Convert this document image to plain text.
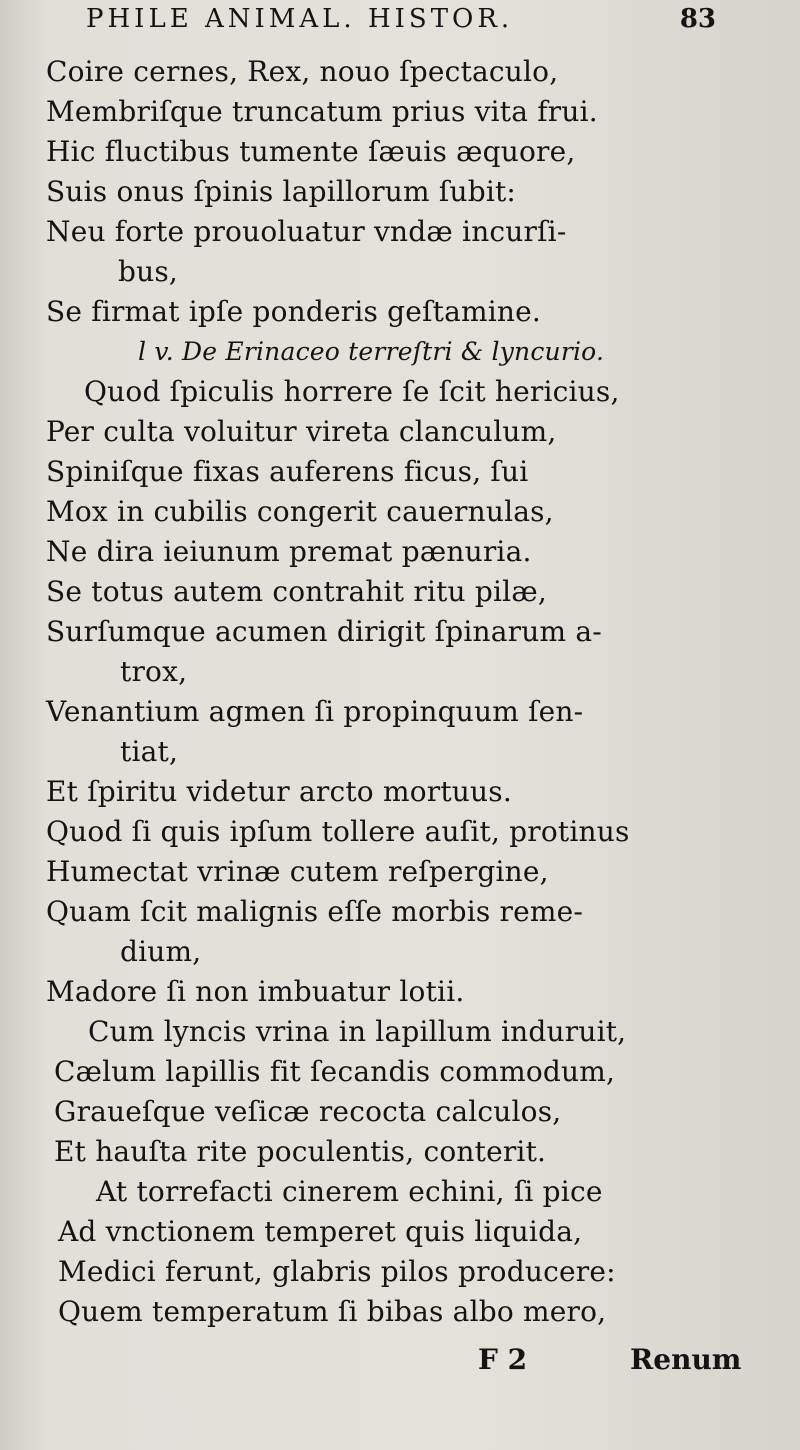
PHILE ANIMAL. HISTOR.	83
Coire cernes, Rex, nouo ſpectaculo,
Membriſque truncatum prius vita frui.
Hic fluctibus tumente ſæuis æquore,
Suis onus ſpinis lapillorum ſubit:
Neu forte prouoluatur vndæ incurſi-
bus,
Se firmat ipſe ponderis geſtamine.
l v. De Erinaceo terreſtri & lyncurio.
Quod ſpiculis horrere ſe ſcit hericius,
Per culta voluitur vireta clanculum,
Spiniſque fixas auferens ficus, ſui
Mox in cubilis congerit cauernulas,
Ne dira ieiunum premat pænuria.
Se totus autem contrahit ritu pilæ,
Surſumque acumen dirigit ſpinarum a-
trox,
Venantium agmen ſi propinquum ſen-
tiat,
Et ſpiritu videtur arcto mortuus.
Quod ſi quis ipſum tollere auſit, protinus
Humectat vrinæ cutem reſpergine,
Quam ſcit malignis eſſe morbis reme-
dium,
Madore ſi non imbuatur lotii.
Cum lyncis vrina in lapillum induruit,
Cælum lapillis fit ſecandis commodum,
Graueſque veſicæ recocta calculos,
Et hauſta rite poculentis, conterit.
At torrefacti cinerem echini, ſi pice
Ad vnctionem temperet quis liquida,
Medici ferunt, glabris pilos producere:
Quem temperatum ſi bibas albo mero,
F 2	Renum
